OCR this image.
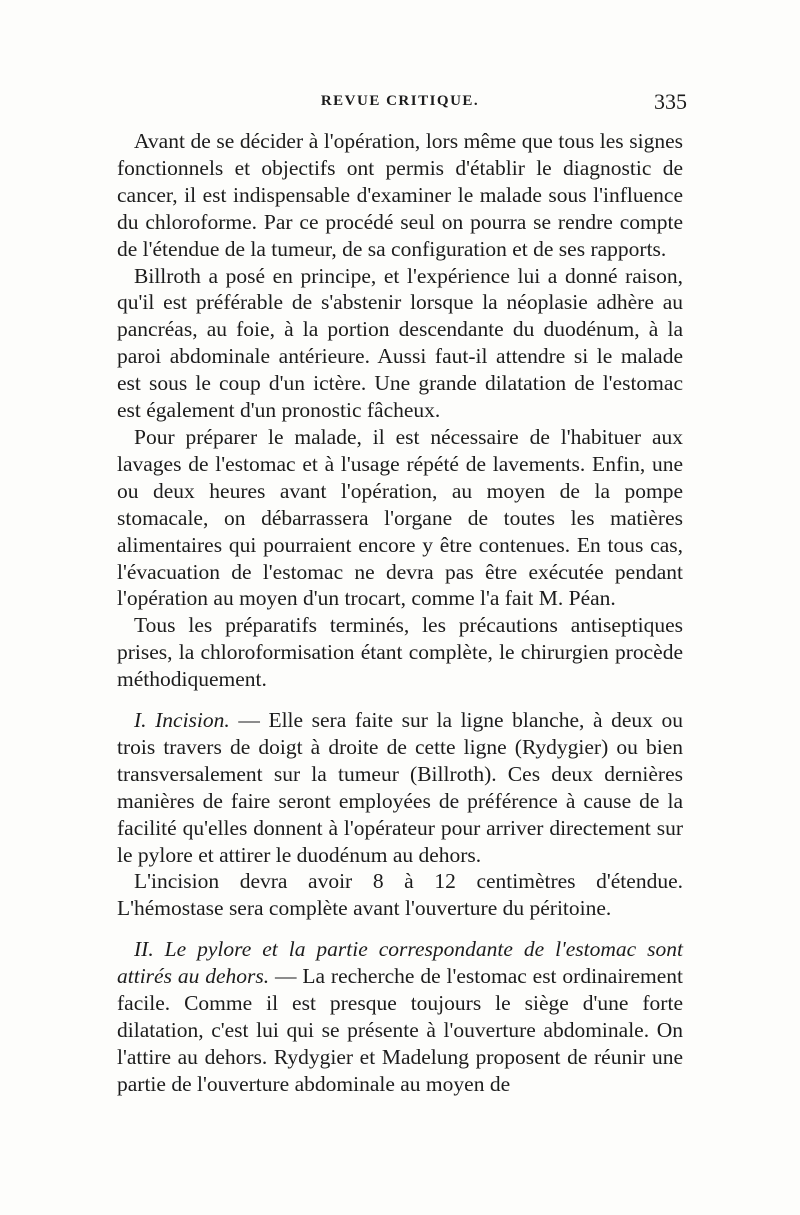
REVUE CRITIQUE.	335

Avant de se décider à l'opération, lors même que tous les signes fonctionnels et objectifs ont permis d'établir le diagnostic de cancer, il est indispensable d'examiner le malade sous l'influence du chloroforme. Par ce procédé seul on pourra se rendre compte de l'étendue de la tumeur, de sa configuration et de ses rapports.

Billroth a posé en principe, et l'expérience lui a donné raison, qu'il est préférable de s'abstenir lorsque la néoplasie adhère au pancréas, au foie, à la portion descendante du duodénum, à la paroi abdominale antérieure. Aussi faut-il attendre si le malade est sous le coup d'un ictère. Une grande dilatation de l'estomac est également d'un pronostic fâcheux.

Pour préparer le malade, il est nécessaire de l'habituer aux lavages de l'estomac et à l'usage répété de lavements. Enfin, une ou deux heures avant l'opération, au moyen de la pompe stomacale, on débarrassera l'organe de toutes les matières alimentaires qui pourraient encore y être contenues. En tous cas, l'évacuation de l'estomac ne devra pas être exécutée pendant l'opération au moyen d'un trocart, comme l'a fait M. Péan.

Tous les préparatifs terminés, les précautions antiseptiques prises, la chloroformisation étant complète, le chirurgien procède méthodiquement.

I. Incision. — Elle sera faite sur la ligne blanche, à deux ou trois travers de doigt à droite de cette ligne (Rydygier) ou bien transversalement sur la tumeur (Billroth). Ces deux dernières manières de faire seront employées de préférence à cause de la facilité qu'elles donnent à l'opérateur pour arriver directement sur le pylore et attirer le duodénum au dehors.

L'incision devra avoir 8 à 12 centimètres d'étendue. L'hémostase sera complète avant l'ouverture du péritoine.

II. Le pylore et la partie correspondante de l'estomac sont attirés au dehors. — La recherche de l'estomac est ordinairement facile. Comme il est presque toujours le siège d'une forte dilatation, c'est lui qui se présente à l'ouverture abdominale. On l'attire au dehors. Rydygier et Madelung proposent de réunir une partie de l'ouverture abdominale au moyen de
